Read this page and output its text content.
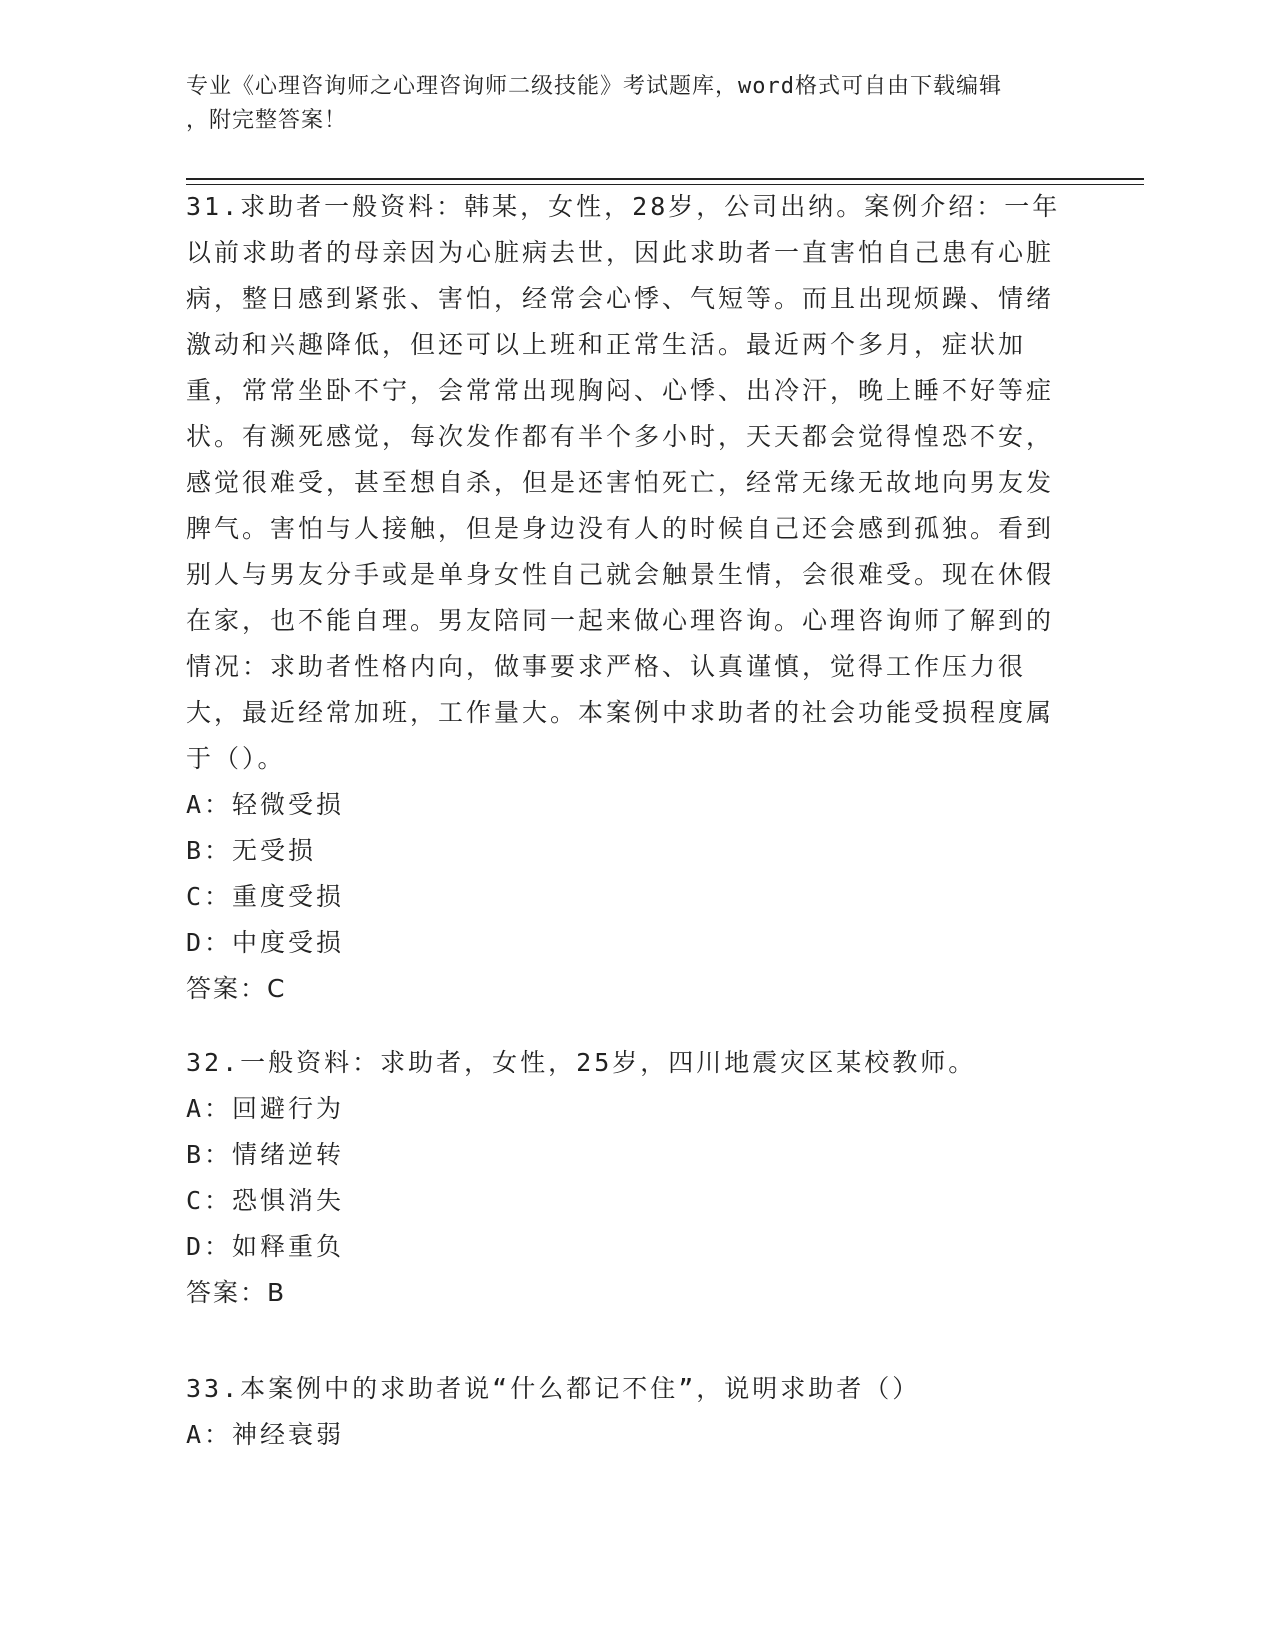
专业《心理咨询师之心理咨询师二级技能》考试题库，word格式可自由下载编辑
，附完整答案！

31.求助者一般资料：韩某，女性，28岁，公司出纳。案例介绍：一年以前求助者的母亲因为心脏病去世，因此求助者一直害怕自己患有心脏病，整日感到紧张、害怕，经常会心悸、气短等。而且出现烦躁、情绪激动和兴趣降低，但还可以上班和正常生活。最近两个多月，症状加重，常常坐卧不宁，会常常出现胸闷、心悸、出冷汗，晚上睡不好等症状。有濒死感觉，每次发作都有半个多小时，天天都会觉得惶恐不安，感觉很难受，甚至想自杀，但是还害怕死亡，经常无缘无故地向男友发脾气。害怕与人接触，但是身边没有人的时候自己还会感到孤独。看到别人与男友分手或是单身女性自己就会触景生情，会很难受。现在休假在家，也不能自理。男友陪同一起来做心理咨询。心理咨询师了解到的情况：求助者性格内向，做事要求严格、认真谨慎，觉得工作压力很大，最近经常加班，工作量大。本案例中求助者的社会功能受损程度属于（）。

A：轻微受损

B：无受损

C：重度受损

D：中度受损

答案：C

32.一般资料：求助者，女性，25岁，四川地震灾区某校教师。

A：回避行为

B：情绪逆转

C：恐惧消失

D：如释重负

答案：B

33.本案例中的求助者说“什么都记不住”，说明求助者（）

A：神经衰弱
